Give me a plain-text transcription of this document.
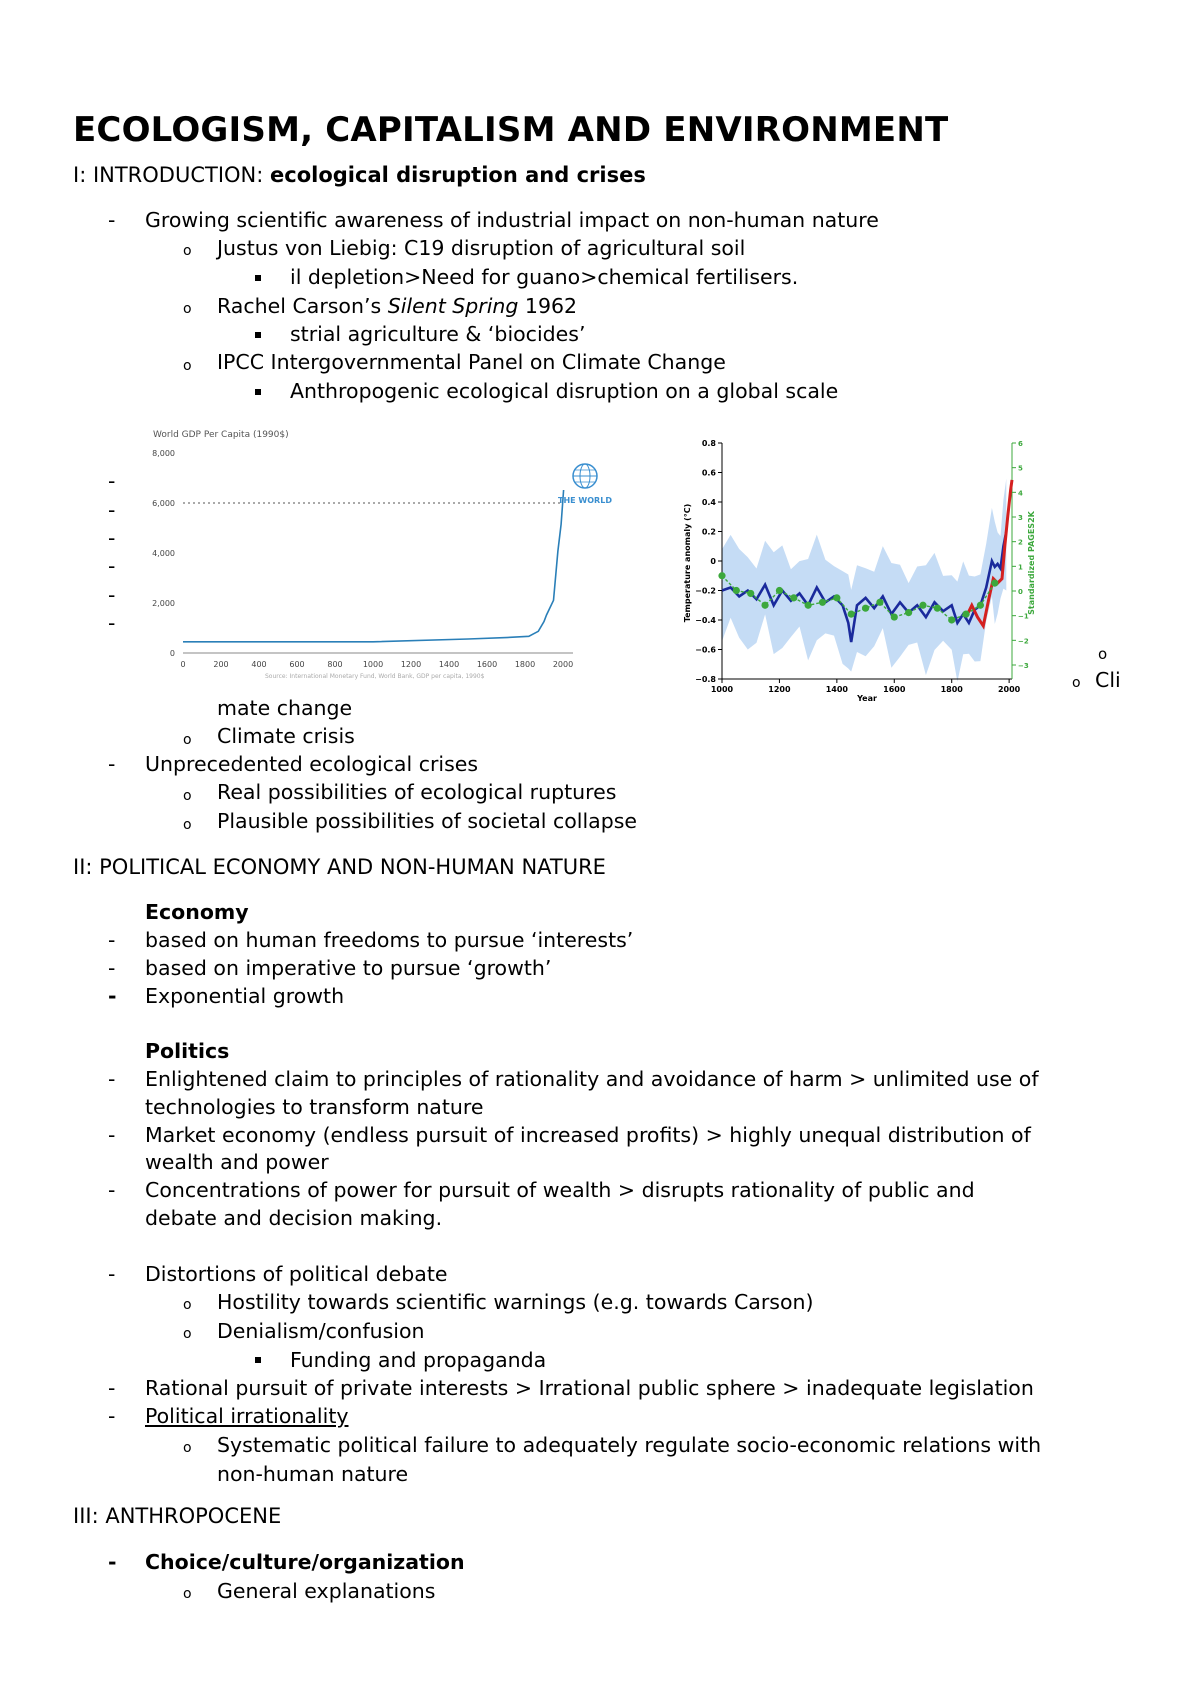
ECOLOGISM, CAPITALISM AND ENVIRONMENT
I: INTRODUCTION: ecological disruption and crises
- Growing scientific awareness of industrial impact on non-human nature
o Justus von Liebig: C19 disruption of agricultural soil
il depletion>Need for guano>chemical fertilisers.
o Rachel Carson’s Silent Spring 1962
strial agriculture & ‘biocides’
o IPCC Intergovernmental Panel on Climate Change
Anthropogenic ecological disruption on a global scale
-
-
-
-
-
-
World GDP Per Capita (1990$)
0
2,000
4,000
6,000
8,000
0	200	400	600	800	1000 1200 1400 1600 1800 2000
THE WORLD
Source: International Monetary Fund, World Bank, GDP per capita, 1990$	−0.8
−0.6
−0.4
−0.2
0
0.2
0.4
0.6
0.8
−3
−2
−1
0
1
2
3
4
5
6
1000	1200	1400	1600	1800	2000
Temperature anomaly (°C)	Standardized PAGES2K
Year
o
o Cli
mate change
o Climate crisis
- Unprecedented ecological crises
o Real possibilities of ecological ruptures
o Plausible possibilities of societal collapse
II: POLITICAL ECONOMY AND NON-HUMAN NATURE
Economy
- based on human freedoms to pursue ‘interests’
- based on imperative to pursue ‘growth’
- Exponential growth
Politics
- Enlightened claim to principles of rationality and avoidance of harm > unlimited use of
technologies to transform nature
- Market economy (endless pursuit of increased profits) > highly unequal distribution of
wealth and power
- Concentrations of power for pursuit of wealth > disrupts rationality of public and
debate and decision making.
- Distortions of political debate
o Hostility towards scientific warnings (e.g. towards Carson)
o Denialism/confusion
Funding and propaganda
- Rational pursuit of private interests > Irrational public sphere > inadequate legislation
- Political irrationality
o Systematic political failure to adequately regulate socio-economic relations with
non-human nature
III: ANTHROPOCENE
- Choice/culture/organization
o General explanations
